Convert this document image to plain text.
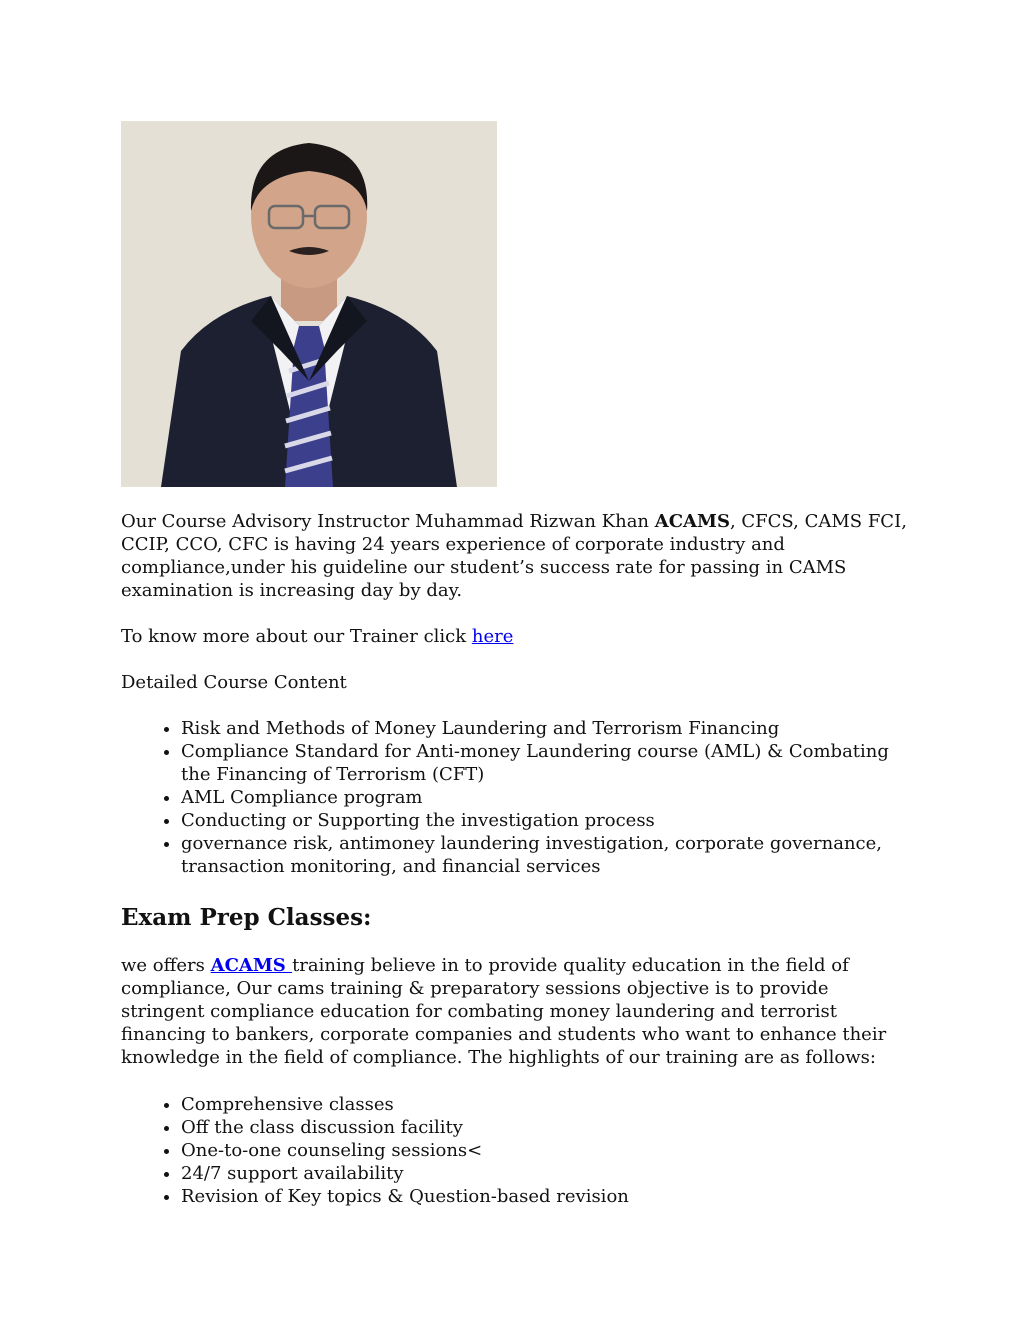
Our Course Advisory Instructor Muhammad Rizwan Khan ACAMS, CFCS, CAMS FCI, CCIP, CCO, CFC is having 24 years experience of corporate industry and compliance,under his guideline our student’s success rate for passing in CAMS examination is increasing day by day.

To know more about our Trainer click here

Detailed Course Content

• Risk and Methods of Money Laundering and Terrorism Financing
• Compliance Standard for Anti-money Laundering course (AML) & Combating the Financing of Terrorism (CFT)
• AML Compliance program
• Conducting or Supporting the investigation process
• governance risk, antimoney laundering investigation, corporate governance, transaction monitoring, and financial services
Exam Prep Classes:

we offers ACAMS training believe in to provide quality education in the field of compliance, Our cams training & preparatory sessions objective is to provide stringent compliance education for combating money laundering and terrorist financing to bankers, corporate companies and students who want to enhance their knowledge in the field of compliance. The highlights of our training are as follows:

• Comprehensive classes
• Off the class discussion facility
• One-to-one counseling sessions<
• 24/7 support availability
• Revision of Key topics & Question-based revision
